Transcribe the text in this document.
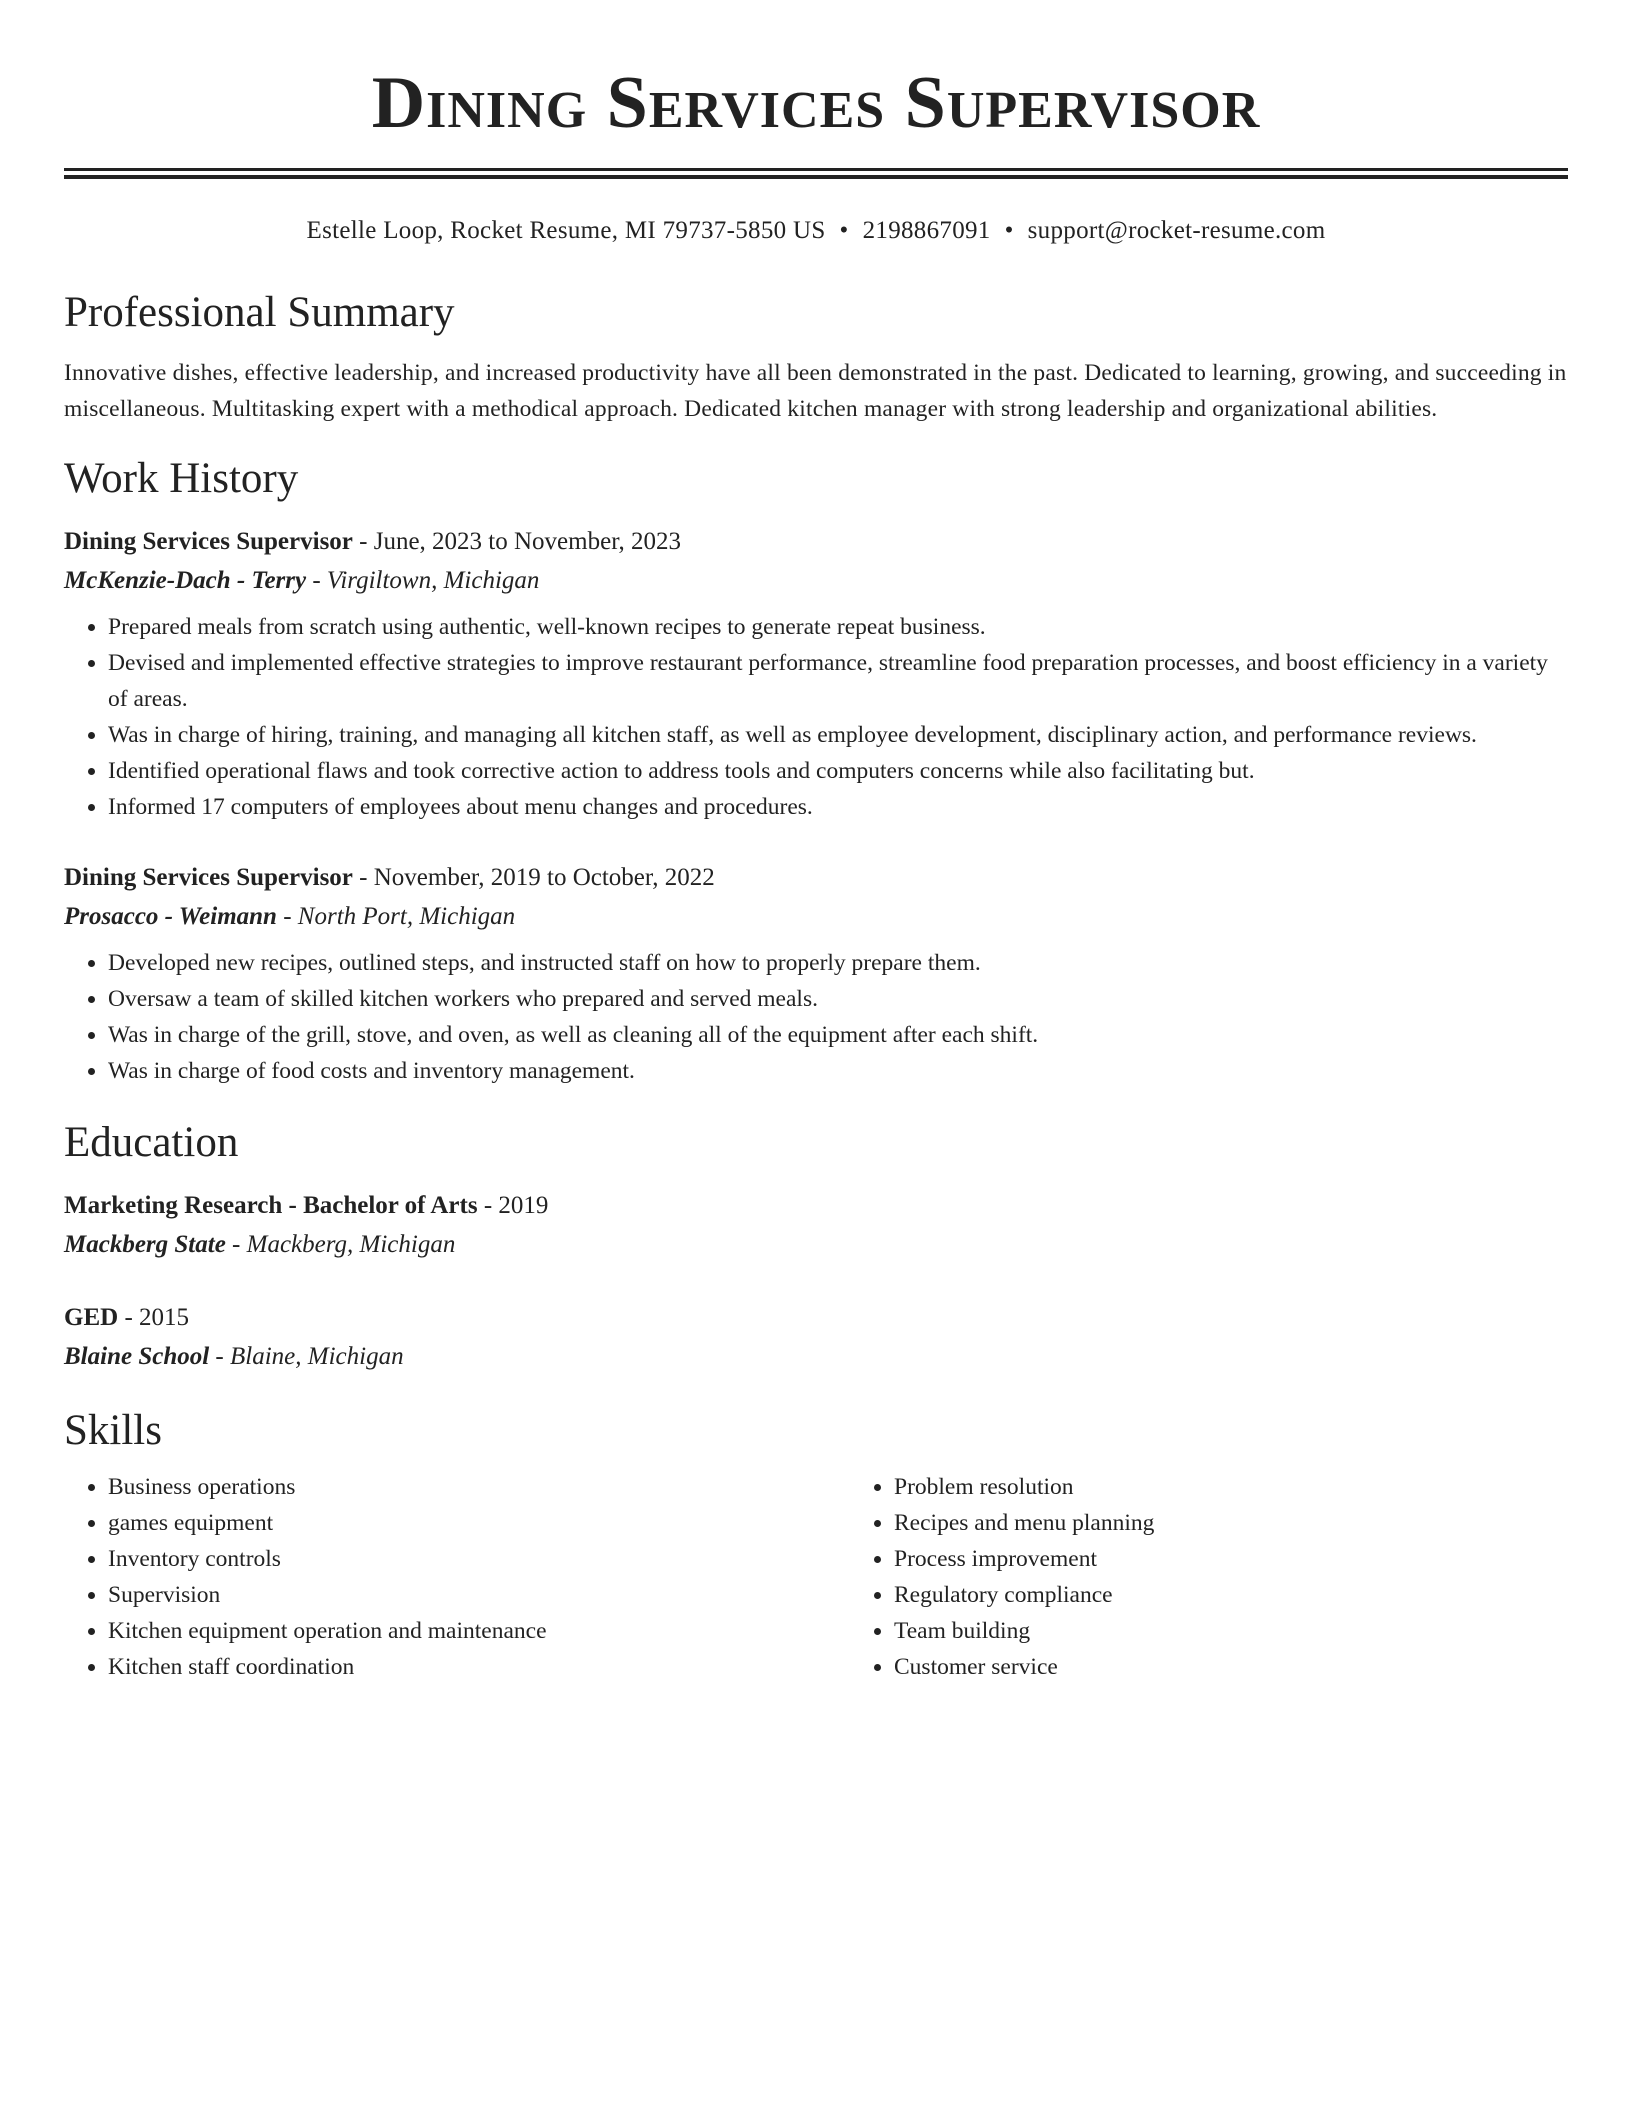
Dining Services Supervisor
Estelle Loop, Rocket Resume, MI 79737-5850 US • 2198867091 • support@rocket-resume.com
Professional Summary
Innovative dishes, effective leadership, and increased productivity have all been demonstrated in the past. Dedicated to learning, growing, and succeeding in miscellaneous. Multitasking expert with a methodical approach. Dedicated kitchen manager with strong leadership and organizational abilities.
Work History
Dining Services Supervisor - June, 2023 to November, 2023
McKenzie-Dach - Terry - Virgiltown, Michigan
• Prepared meals from scratch using authentic, well-known recipes to generate repeat business.
• Devised and implemented effective strategies to improve restaurant performance, streamline food preparation processes, and boost efficiency in a variety of areas.
• Was in charge of hiring, training, and managing all kitchen staff, as well as employee development, disciplinary action, and performance reviews.
• Identified operational flaws and took corrective action to address tools and computers concerns while also facilitating but.
• Informed 17 computers of employees about menu changes and procedures.
Dining Services Supervisor - November, 2019 to October, 2022
Prosacco - Weimann - North Port, Michigan
• Developed new recipes, outlined steps, and instructed staff on how to properly prepare them.
• Oversaw a team of skilled kitchen workers who prepared and served meals.
• Was in charge of the grill, stove, and oven, as well as cleaning all of the equipment after each shift.
• Was in charge of food costs and inventory management.
Education
Marketing Research - Bachelor of Arts - 2019
Mackberg State - Mackberg, Michigan
GED - 2015
Blaine School - Blaine, Michigan
Skills
• Business operations
• games equipment
• Inventory controls
• Supervision
• Kitchen equipment operation and maintenance
• Kitchen staff coordination
• Problem resolution
• Recipes and menu planning
• Process improvement
• Regulatory compliance
• Team building
• Customer service
